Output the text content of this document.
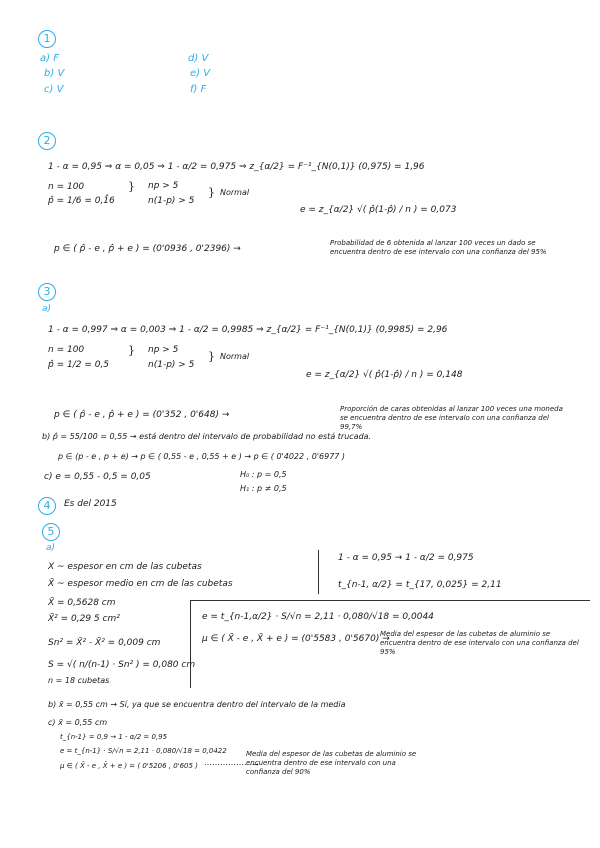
1
a) F
b) V
c) V
d) V
e) V
f) F
2
1 - α = 0,95 ⇒ α = 0,05 ⇒ 1 - α/2 = 0,975 ⇒ z_{α/2} = F⁻¹_{N(0,1)} (0,975) = 1,96
n = 100
p̂ = 1/6 = 0,1̂6
} np > 5
n(1-p) > 5
} Normal
e = z_{α/2} √( p̂(1-p̂) / n ) = 0,073
p ∈ ( p̂ - e , p̂ + e ) = (0'0936 , 0'2396) →
Probabilidad de 6 obtenida al lanzar 100 veces un dado se encuentra dentro de ese intervalo con una confianza del 95%
3
a)
1 - α = 0,997 ⇒ α = 0,003 ⇒ 1 - α/2 = 0,9985 ⇒ z_{α/2} = F⁻¹_{N(0,1)} (0,9985) = 2,96
n = 100
p̂ = 1/2 = 0,5
} np > 5
n(1-p) > 5
} Normal
e = z_{α/2} √( p̂(1-p̂) / n ) = 0,148
p ∈ ( p̂ - e , p̂ + e ) = (0'352 , 0'648) →
Proporción de caras obtenidas al lanzar 100 veces una moneda se encuentra dentro de ese intervalo con una confianza del 99,7%
b) p̂ = 55/100 = 0,55 → está dentro del intervalo de probabilidad no está trucada.
p ∈ (p - e , p + e) → p ∈ ( 0,55 - e , 0,55 + e ) → p ∈ ( 0'4022 , 0'6977 )
H₀ : p = 0,5
H₁ : p ≠ 0,5
c) e = 0,55 - 0,5 = 0,05
4	Es del 2015
5
a)
X ~ espesor en cm de las cubetas
X̄ ~ espesor medio en cm de las cubetas
1 - α = 0,95 → 1 - α/2 = 0,975
t_{n-1, α/2} = t_{17, 0,025} = 2,11
X̄ = 0,5628 cm
X̄² = 0,29 5 cm²	e = t_{n-1,α/2} · S/√n = 2,11 · 0,080/√18 = 0,0044
Sn² = X̄² - X̄² = 0,009 cm	μ ∈ ( X̄ - e , X̄ + e ) = (0'5583 , 0'5670) →
Media del espesor de las cubetas de aluminio se encuentra dentro de ese intervalo con una confianza del 95%
S = √( n/(n-1) · Sn² ) = 0,080 cm
n = 18 cubetas
b) x̄ = 0,55 cm → Sí, ya que se encuentra dentro del intervalo de la media
c) x̄ = 0,55 cm
t_{n-1} = 0,9 → 1 - α/2 = 0,95
e = t_{n-1} · S/√n = 2,11 · 0,080/√18 = 0,0422
μ ∈ ( X̄ - e , X̄ + e ) = ( 0'5206 , 0'605 ) ⋯⋯⋯⋯⋯⋯→
Media del espesor de las cubetas de aluminio se encuentra dentro de ese intervalo con una confianza del 90%
